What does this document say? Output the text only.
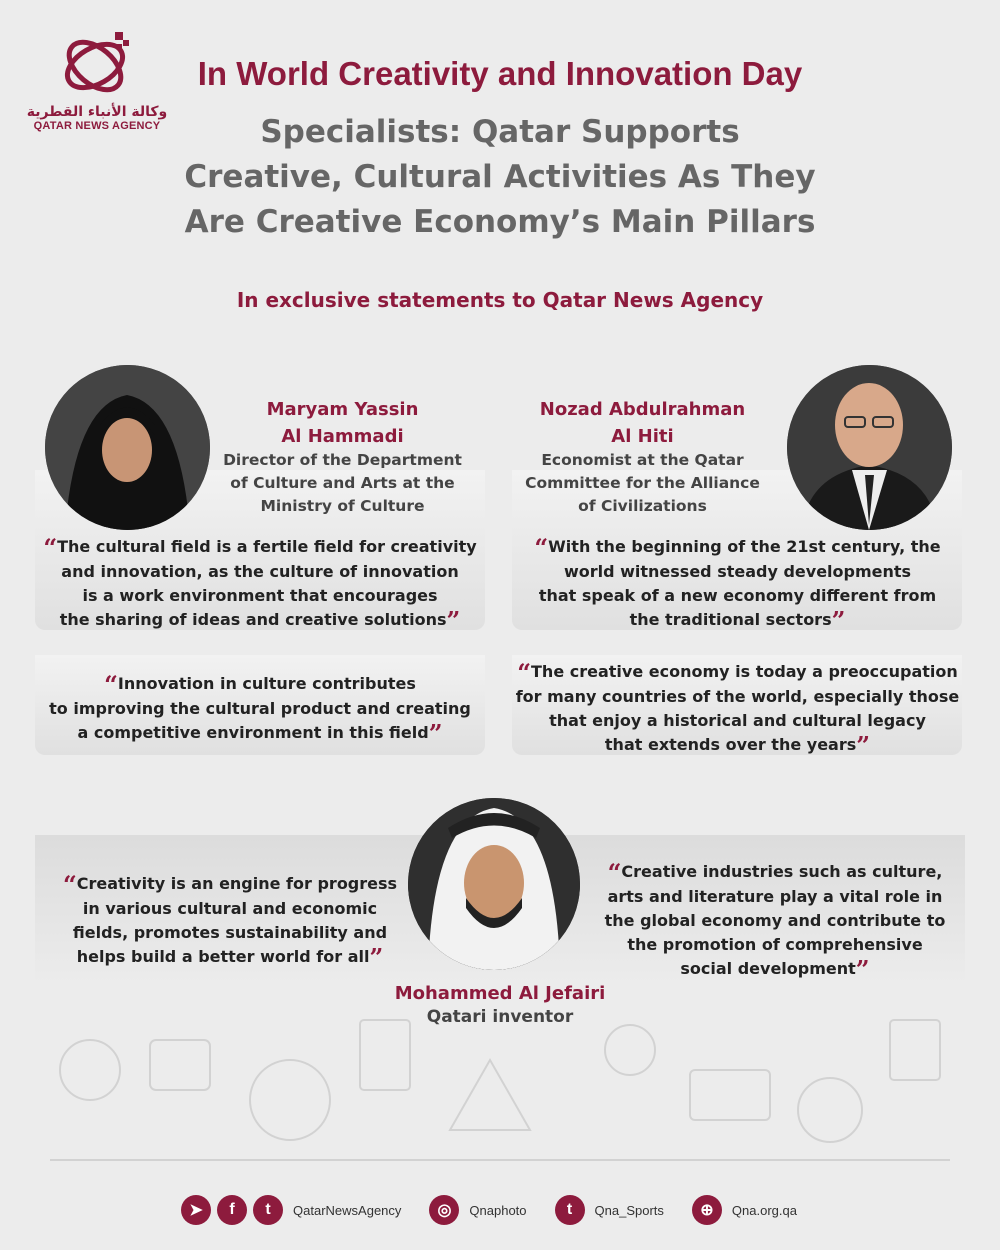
وكالة الأنباء القطرية
QATAR NEWS AGENCY
In World Creativity and Innovation Day
Specialists: Qatar Supports
Creative, Cultural Activities As They
Are Creative Economy’s Main Pillars
In exclusive statements to Qatar News Agency
Maryam Yassin
Al Hammadi
Director of the Department
of Culture and Arts at the
Ministry of Culture
Nozad Abdulrahman
Al Hiti
Economist at the Qatar
Committee for the Alliance
of Civilizations
“The cultural field is a fertile field for creativity
and innovation, as the culture of innovation
is a work environment that encourages
the sharing of ideas and creative solutions”
“With the beginning of the 21st century, the
world witnessed steady developments
that speak of a new economy different from
the traditional sectors”
“Innovation in culture contributes
to improving the cultural product and creating
a competitive environment in this field”
“The creative economy is today a preoccupation
for many countries of the world, especially those
that enjoy a historical and cultural legacy
that extends over the years”
Mohammed Al Jefairi
Qatari inventor
“Creativity is an engine for progress
in various cultural and economic
fields, promotes sustainability and
helps build a better world for all”
“Creative industries such as culture,
arts and literature play a vital role in
the global economy and contribute to
the promotion of comprehensive
social development”
➤	f	t	QatarNewsAgency	◎	Qnaphoto	t	Qna_Sports	⊕	Qna.org.qa
